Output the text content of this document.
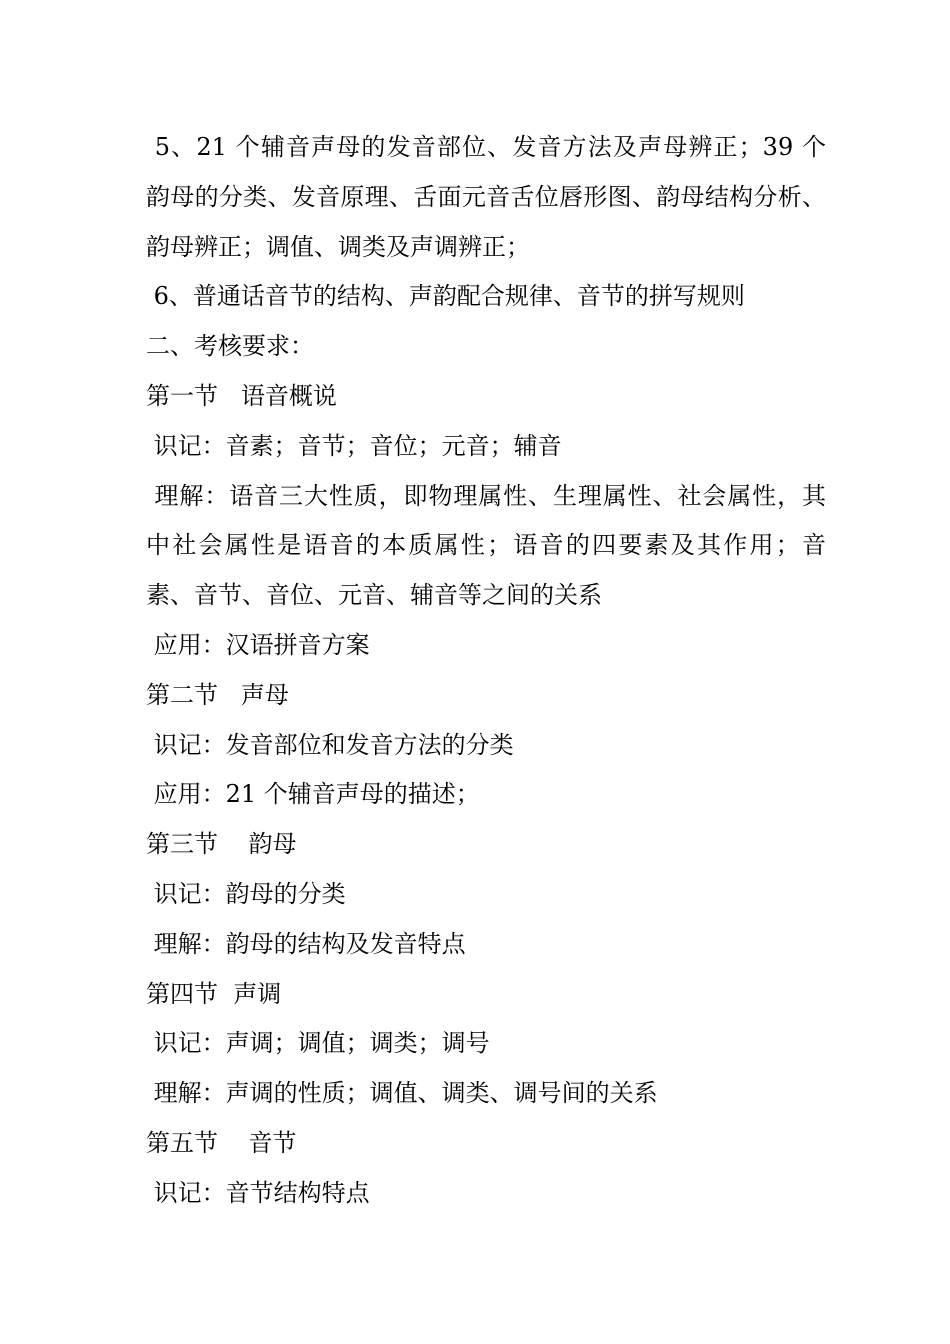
5、21 个辅音声母的发音部位、发音方法及声母辨正；39 个
韵母的分类、发音原理、舌面元音舌位唇形图、韵母结构分析、
韵母辨正；调值、调类及声调辨正；
6、普通话音节的结构、声韵配合规律、音节的拼写规则
二、考核要求：
第一节   语音概说
识记：音素；音节；音位；元音；辅音
理解：语音三大性质，即物理属性、生理属性、社会属性，其
中社会属性是语音的本质属性；语音的四要素及其作用；音
素、音节、音位、元音、辅音等之间的关系
应用：汉语拼音方案
第二节   声母
识记：发音部位和发音方法的分类
应用：21 个辅音声母的描述；
第三节    韵母
识记：韵母的分类
理解：韵母的结构及发音特点
第四节  声调
识记：声调；调值；调类；调号
理解：声调的性质；调值、调类、调号间的关系
第五节    音节
识记：音节结构特点
